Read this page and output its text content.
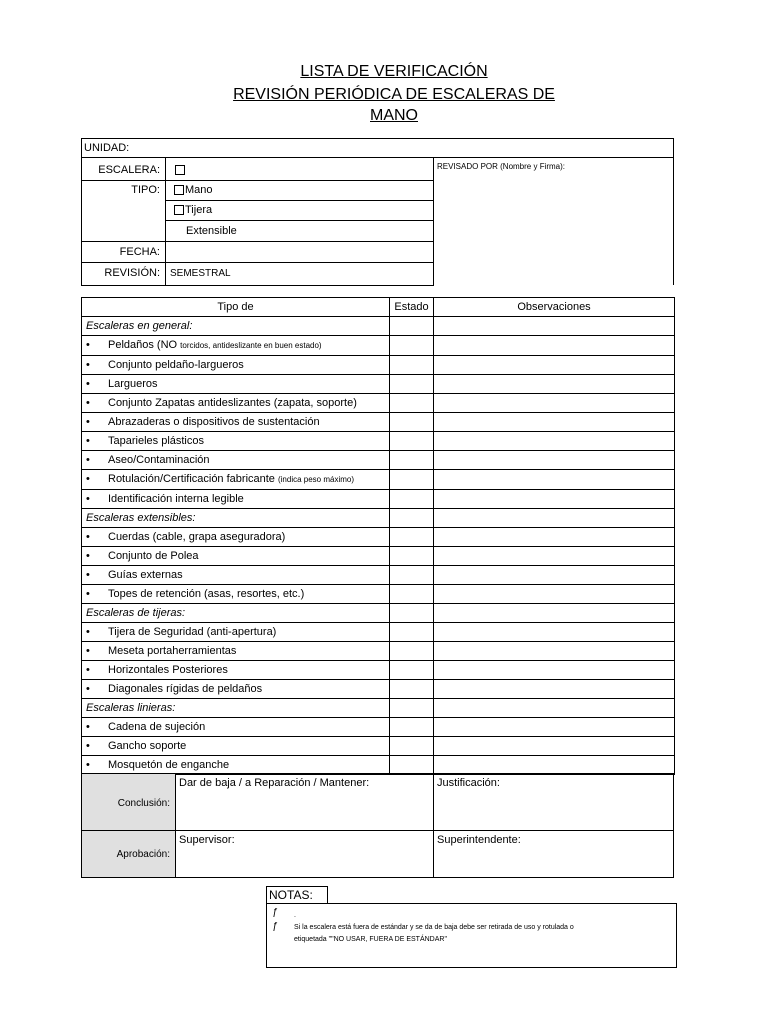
LISTA DE VERIFICACIÓN
REVISIÓN PERIÓDICA DE ESCALERAS DE
MANO
UNIDAD:
ESCALERA:
TIPO: Mano
Tijera
Extensible
FECHA:
REVISIÓN: SEMESTRAL
REVISADO POR (Nombre y Firma):
Tipo de	Estado	Observaciones
Escaleras en general:		
• Peldaños (NO torcidos, antideslizante en buen estado)		
• Conjunto peldaño-largueros		
• Largueros		
• Conjunto Zapatas antideslizantes (zapata, soporte)		
• Abrazaderas o dispositivos de sustentación		
• Taparieles plásticos		
• Aseo/Contaminación		
• Rotulación/Certificación fabricante (indica peso máximo)		
• Identificación interna legible		
Escaleras extensibles:		
• Cuerdas (cable, grapa aseguradora)		
• Conjunto de Polea		
• Guías externas		
• Topes de retención (asas, resortes, etc.)		
Escaleras de tijeras:		
• Tijera de Seguridad (anti-apertura)		
• Meseta portaherramientas		
• Horizontales Posteriores		
• Diagonales rígidas de peldaños		
Escaleras linieras:		
• Cadena de sujeción		
• Gancho soporte		
• Mosquetón de enganche		
Conclusión:
Dar de baja / a Reparación / Mantener:	Justificación:
Aprobación:
Supervisor:	Superintendente:
NOTAS:
ƒ .
ƒ Si la escalera está fuera de estándar y se da de baja debe ser retirada de uso y rotulada o
etiquetada ""NO USAR, FUERA DE ESTÁNDAR"
